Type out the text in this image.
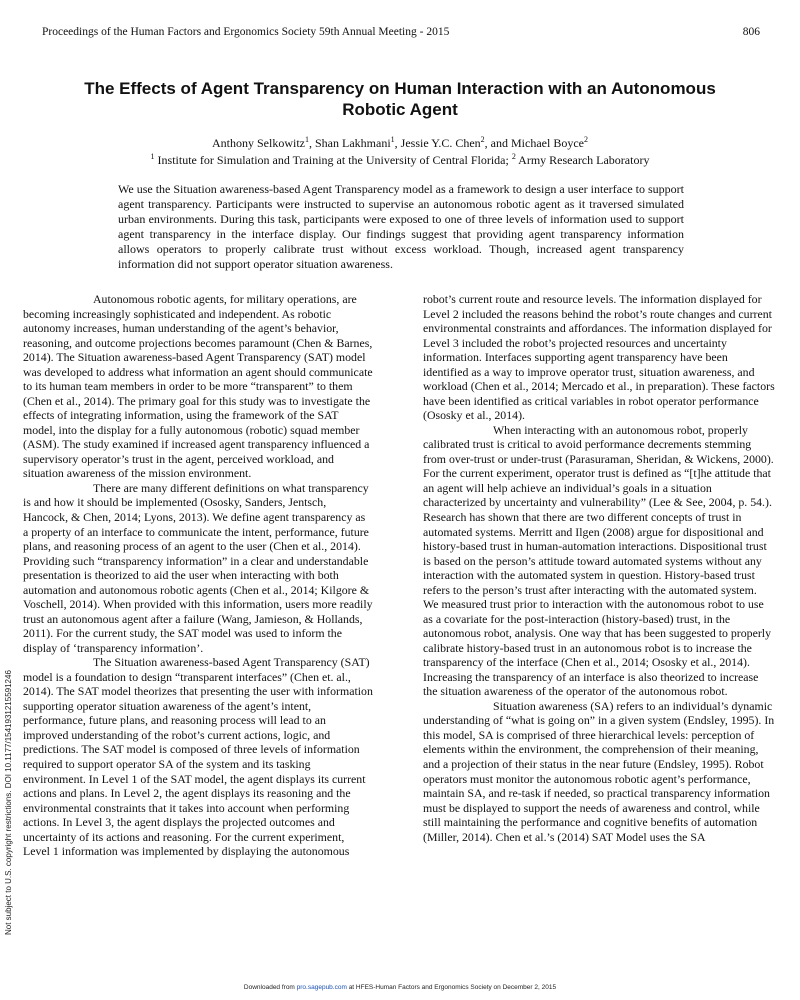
Proceedings of the Human Factors and Ergonomics Society 59th Annual Meeting - 2015	806
The Effects of Agent Transparency on Human Interaction with an Autonomous Robotic Agent
Anthony Selkowitz$^1$, Shan Lakhmani$^1$, Jessie Y.C. Chen$^2$, and Michael Boyce$^2$
$^1$ Institute for Simulation and Training at the University of Central Florida; $^2$ Army Research Laboratory
We use the Situation awareness-based Agent Transparency model as a framework to design a user interface to support agent transparency. Participants were instructed to supervise an autonomous robotic agent as it traversed simulated urban environments. During this task, participants were exposed to one of three levels of information used to support agent transparency in the interface display. Our findings suggest that providing agent transparency information allows operators to properly calibrate trust without excess workload. Though, increased agent transparency information did not support operator situation awareness.

Autonomous robotic agents, for military operations, are becoming increasingly sophisticated and independent. As robotic autonomy increases, human understanding of the agent’s behavior, reasoning, and outcome projections becomes paramount (Chen & Barnes, 2014). The Situation awareness-based Agent Transparency (SAT) model was developed to address what information an agent should communicate to its human team members in order to be more “transparent” to them (Chen et al., 2014). The primary goal for this study was to investigate the effects of integrating information, using the framework of the SAT model, into the display for a fully autonomous (robotic) squad member (ASM). The study examined if increased agent transparency influenced a supervisory operator’s trust in the agent, perceived workload, and situation awareness of the mission environment.

There are many different definitions on what transparency is and how it should be implemented (Ososky, Sanders, Jentsch, Hancock, & Chen, 2014; Lyons, 2013). We define agent transparency as a property of an interface to communicate the intent, performance, future plans, and reasoning process of an agent to the user (Chen et al., 2014). Providing such “transparency information” in a clear and understandable presentation is theorized to aid the user when interacting with both automation and autonomous robotic agents (Chen et al., 2014; Kilgore & Voschell, 2014). When provided with this information, users more readily trust an autonomous agent after a failure (Wang, Jamieson, & Hollands, 2011). For the current study, the SAT model was used to inform the display of ‘transparency information’.

The Situation awareness-based Agent Transparency (SAT) model is a foundation to design “transparent interfaces” (Chen et. al., 2014). The SAT model theorizes that presenting the user with information supporting operator situation awareness of the agent’s intent, performance, future plans, and reasoning process will lead to an improved understanding of the robot’s current actions, logic, and predictions. The SAT model is composed of three levels of information required to support operator SA of the system and its tasking environment. In Level 1 of the SAT model, the agent displays its current actions and plans. In Level 2, the agent displays its reasoning and the environmental constraints that it takes into account when performing actions. In Level 3, the agent displays the projected outcomes and uncertainty of its actions and reasoning. For the current experiment, Level 1 information was implemented by displaying the autonomous

robot’s current route and resource levels. The information displayed for Level 2 included the reasons behind the robot’s route changes and current environmental constraints and affordances. The information displayed for Level 3 included the robot’s projected resources and uncertainty information. Interfaces supporting agent transparency have been identified as a way to improve operator trust, situation awareness, and workload (Chen et al., 2014; Mercado et al., in preparation). These factors have been identified as critical variables in robot operator performance (Ososky et al., 2014).

When interacting with an autonomous robot, properly calibrated trust is critical to avoid performance decrements stemming from over-trust or under-trust (Parasuraman, Sheridan, & Wickens, 2000). For the current experiment, operator trust is defined as “[t]he attitude that an agent will help achieve an individual’s goals in a situation characterized by uncertainty and vulnerability” (Lee & See, 2004, p. 54.). Research has shown that there are two different concepts of trust in automated systems. Merritt and Ilgen (2008) argue for dispositional and history-based trust in human-automation interactions. Dispositional trust is based on the person’s attitude toward automated systems without any interaction with the automated system in question. History-based trust refers to the person’s trust after interacting with the automated system. We measured trust prior to interaction with the autonomous robot to use as a covariate for the post-interaction (history-based) trust, in the autonomous robot, analysis. One way that has been suggested to properly calibrate history-based trust in an autonomous robot is to increase the transparency of the interface (Chen et al., 2014; Ososky et al., 2014). Increasing the transparency of an interface is also theorized to increase the situation awareness of the operator of the autonomous robot.

Situation awareness (SA) refers to an individual’s dynamic understanding of “what is going on” in a given system (Endsley, 1995). In this model, SA is comprised of three hierarchical levels: perception of elements within the environment, the comprehension of their meaning, and a projection of their status in the near future (Endsley, 1995). Robot operators must monitor the autonomous robotic agent’s performance, maintain SA, and re-task if needed, so practical transparency information must be displayed to support the needs of awareness and control, while still maintaining the performance and cognitive benefits of automation (Miller, 2014). Chen et al.’s (2014) SAT Model uses the SA

Not subject to U.S. copyright restrictions. DOI 10.1177/1541931215591246
Downloaded from pro.sagepub.com at HFES-Human Factors and Ergonomics Society on December 2, 2015
